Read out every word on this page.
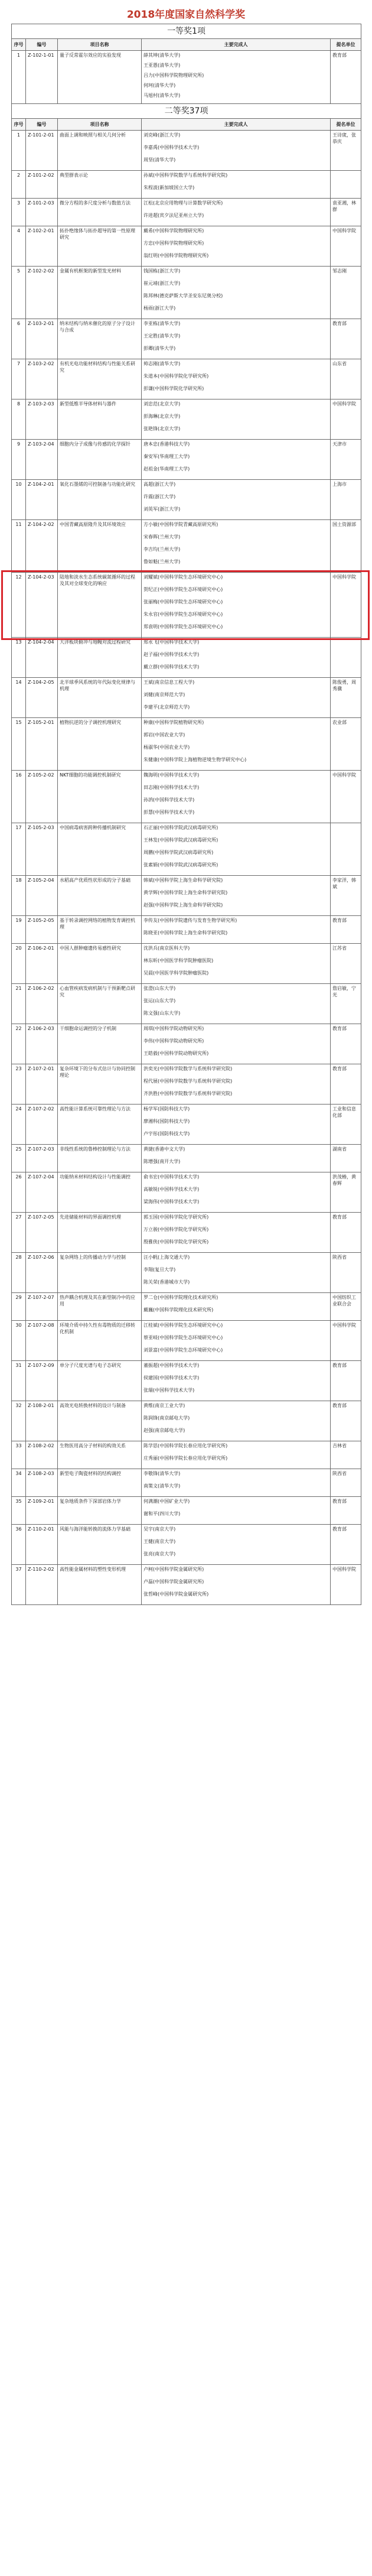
2018年度国家自然科学奖
一等奖1项				
序号	编号	项目名称	主要完成人	提名单位
1	Z-102-1-01	量子反常霍尔效应的实验发现	薛其坤(清华大学)
王亚愚(清华大学)
吕力(中国科学院物理研究所)
何珂(清华大学)
马旭村(清华大学)	教育部
二等奖37项				
序号	编号	项目名称	主要完成人	提名单位
1	Z-101-2-01	曲面上调和映照与相关几何分析	刘克峰(浙江大学)
李嘉禹(中国科学技术大学)
周坚(清华大学)	王诗宬，张恭庆
2	Z-101-2-02	典型群表示论	孙斌(中国科学院数学与系统科学研究院)
朱程波(新加坡国立大学)	

3	Z-101-2-03	微分方程的多尺度分析与数值方法	江松(北京应用物理与计算数学研究所)
许进超(宾夕法尼亚州立大学)	袁亚湘，林群
4	Z-102-2-01	拓扑绝缘体与拓扑超导的第一性原理研究	戴希(中国科学院物理研究所)
方忠(中国科学院物理研究所)
翁红明(中国科学院物理研究所)	中国科学院
5	Z-102-2-02	金属有机框架的新型发光材料	钱国栋(浙江大学)
崔元靖(浙江大学)
陈邦林(德克萨斯大学圣安东尼奥分校)
杨雨(浙江大学)	邹志刚
6	Z-103-2-01	纳米结构与纳米催化的原子分子设计与合成	李亚栋(清华大学)
王定胜(清华大学)
彭卿(清华大学)	教育部
7	Z-103-2-02	有机光电功能材料结构与性能关系研究	帅志刚(清华大学)
朱道本(中国科学院化学研究所)
彭谦(中国科学院化学研究所)	山东省
8	Z-103-2-03	新型低维半导体材料与器件	刘忠范(北京大学)
彭海琳(北京大学)
张艳锋(北京大学)	中国科学院
9	Z-103-2-04	细胞内分子成像与传感的化学探针	唐本忠(香港科技大学)
秦安军(华南理工大学)
赵祖金(华南理工大学)	天津市
10	Z-104-2-01	氧化石墨烯的可控制备与功能化研究	高超(浙江大学)
许震(浙江大学)
刘英军(浙江大学)	上海市
11	Z-104-2-02	中国青藏高原隆升及其环境效应	方小敏(中国科学院青藏高原研究所)
宋春晖(兰州大学)
李吉均(兰州大学)
鲁如魁(兰州大学)	国土资源部
12	Z-104-2-03	陆地和淡水生态系统碳氮循环的过程及其对全球变化的响应	刘耀斌(中国科学院生态环境研究中心)
贺纪正(中国科学院生态环境研究中心)
张丽梅(中国科学院生态环境研究中心)
朱永官(中国科学院生态环境研究中心)
郑袁明(中国科学院生态环境研究中心)	中国科学院
13	Z-104-2-04	大洋板块俯冲与地幔对流过程研究	郑永飞(中国科学技术大学)
赵子福(中国科学技术大学)
戴立群(中国科学技术大学)	

14	Z-104-2-05	北半球季风系统的年代际变化规律与机理	王斌(南京信息工程大学)
刘健(南京师范大学)
李建平(北京师范大学)	陈俊勇，周秀骥
15	Z-105-2-01	植物抗逆的分子调控机理研究	种康(中国科学院植物研究所)
郭岩(中国农业大学)
杨淑华(中国农业大学)
朱健康(中国科学院上海植物逆境生物学研究中心)	农业部
16	Z-105-2-02	NKT细胞的功能调控机制研究	魏海明(中国科学技术大学)
田志刚(中国科学技术大学)
孙汭(中国科学技术大学)
彭慧(中国科学技术大学)	中国科学院
17	Z-105-2-03	中国病毒病害跨种传播机制研究	石正丽(中国科学院武汉病毒研究所)
王林发(中国科学院武汉病毒研究所)
周鹏(中国科学院武汉病毒研究所)
张素娟(中国科学院武汉病毒研究所)	

18	Z-105-2-04	水稻高产优质性状形成的分子基础	韩斌(中国科学院上海生命科学研究院)
黄学辉(中国科学院上海生命科学研究院)
赵强(中国科学院上海生命科学研究院)	李家洋，韩斌
19	Z-105-2-05	基于转录调控网络的植物发育调控机理	李传友(中国科学院遗传与发育生物学研究所)
陈晓亚(中国科学院上海生命科学研究院)	教育部
20	Z-106-2-01	中国人群肿瘤遗传易感性研究	沈洪兵(南京医科大学)
林东昕(中国医学科学院肿瘤医院)
吴晨(中国医学科学院肿瘤医院)	江苏省
21	Z-106-2-02	心血管疾病发病机制与干预新靶点研究	张澄(山东大学)
张运(山东大学)
陈文强(山东大学)	詹启敏，宁光
22	Z-106-2-03	干细胞命运调控的分子机制	周琪(中国科学院动物研究所)
李伟(中国科学院动物研究所)
王皓毅(中国科学院动物研究所)	教育部
23	Z-107-2-01	复杂环境下的分布式估计与协同控制理论	洪奕光(中国科学院数学与系统科学研究院)
程代展(中国科学院数学与系统科学研究院)
齐洪胜(中国科学院数学与系统科学研究院)	教育部
24	Z-107-2-02	高性能计算系统可靠性理论与方法	杨学军(国防科技大学)
廖湘科(国防科技大学)
卢宇彤(国防科技大学)	工业和信息化部
25	Z-107-2-03	非线性系统的鲁棒控制理论与方法	黄捷(香港中文大学)
陈增强(南开大学)	湖南省
26	Z-107-2-04	功能纳米材料结构设计与性能调控	俞书宏(中国科学技术大学)
高敏锐(中国科学技术大学)
梁海伟(中国科学技术大学)	洪茂椿，黄春辉
27	Z-107-2-05	先进储能材料的界面调控机理	郭玉国(中国科学院化学研究所)
万立骏(中国科学院化学研究所)
殷雅侠(中国科学院化学研究所)	教育部
28	Z-107-2-06	复杂网络上的传播动力学与控制	汪小帆(上海交通大学)
李翔(复旦大学)
陈关荣(香港城市大学)	陕西省
29	Z-107-2-07	热声耦合机理及其在新型制冷中的应用	罗二仓(中国科学院理化技术研究所)
戴巍(中国科学院理化技术研究所)	中国纺织工业联合会
30	Z-107-2-08	环境介质中持久性有毒物质的迁移转化机制	江桂斌(中国科学院生态环境研究中心)
蔡亚岐(中国科学院生态环境研究中心)
刘景富(中国科学院生态环境研究中心)	中国科学院
31	Z-107-2-09	单分子尺度光谱与电子态研究	董振超(中国科学技术大学)
侯建国(中国科学技术大学)
张瑞(中国科学技术大学)	教育部
32	Z-108-2-01	高效光电转换材料的设计与制备	黄维(南京工业大学)
陈润锋(南京邮电大学)
赵强(南京邮电大学)	教育部
33	Z-108-2-02	生物医用高分子材料的构效关系	陈学思(中国科学院长春应用化学研究所)
庄秀丽(中国科学院长春应用化学研究所)	吉林省
34	Z-108-2-03	新型电子陶瓷材料的结构调控	李敬锋(清华大学)
南策文(清华大学)	陕西省
35	Z-109-2-01	复杂地质条件下深部岩体力学	何满潮(中国矿业大学)
谢和平(四川大学)	教育部
36	Z-110-2-01	风能与海洋能转换的流体力学基础	吴宇(南京大学)
王健(南京大学)
张亮(南京大学)	教育部
37	Z-110-2-02	高性能金属材料的塑性变形机理	卢柯(中国科学院金属研究所)
卢磊(中国科学院金属研究所)
张哲峰(中国科学院金属研究所)	中国科学院
